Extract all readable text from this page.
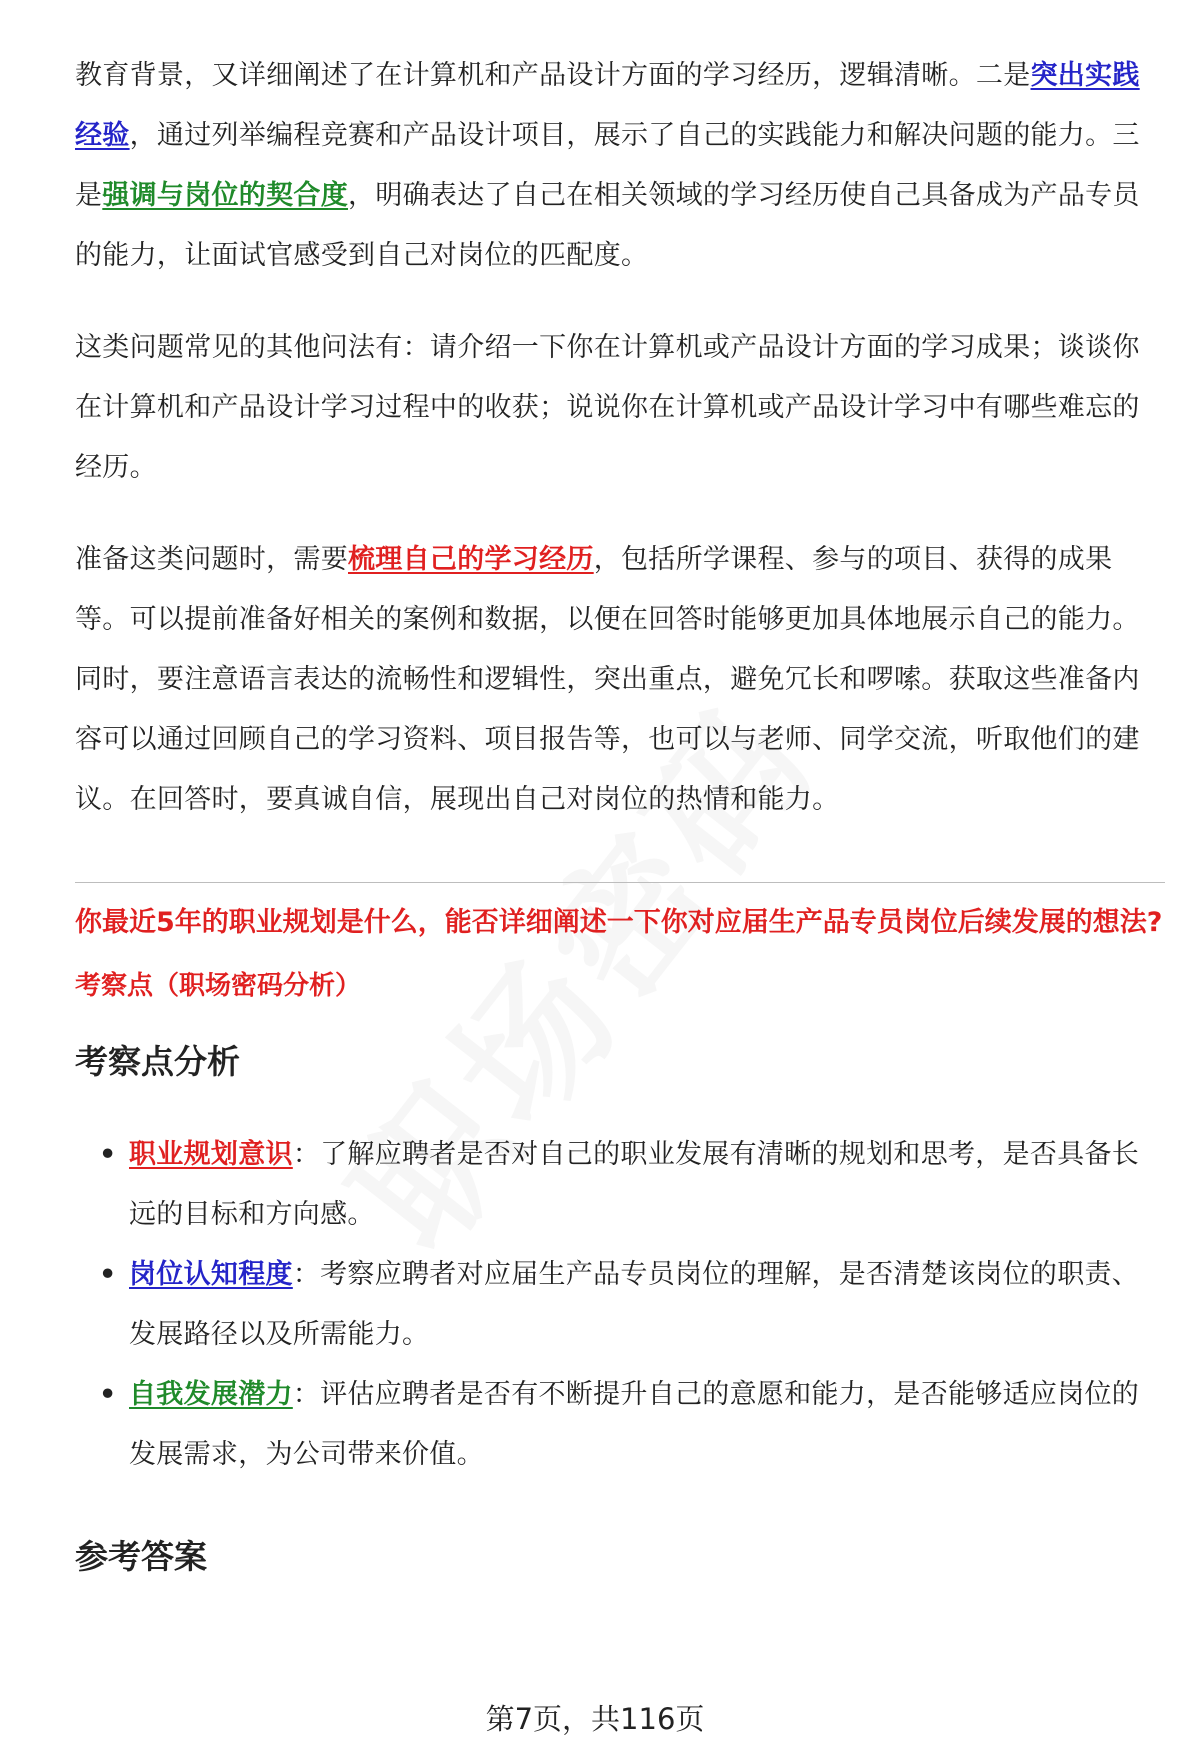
教育背景，又详细阐述了在计算机和产品设计方面的学习经历，逻辑清晰。二是突出实践经验，通过列举编程竞赛和产品设计项目，展示了自己的实践能力和解决问题的能力。三是强调与岗位的契合度，明确表达了自己在相关领域的学习经历使自己具备成为产品专员的能力，让面试官感受到自己对岗位的匹配度。

这类问题常见的其他问法有：请介绍一下你在计算机或产品设计方面的学习成果；谈谈你在计算机和产品设计学习过程中的收获；说说你在计算机或产品设计学习中有哪些难忘的经历。

准备这类问题时，需要梳理自己的学习经历，包括所学课程、参与的项目、获得的成果等。可以提前准备好相关的案例和数据，以便在回答时能够更加具体地展示自己的能力。同时，要注意语言表达的流畅性和逻辑性，突出重点，避免冗长和啰嗦。获取这些准备内容可以通过回顾自己的学习资料、项目报告等，也可以与老师、同学交流，听取他们的建议。在回答时，要真诚自信，展现出自己对岗位的热情和能力。

你最近5年的职业规划是什么，能否详细阐述一下你对应届生产品专员岗位后续发展的想法?

考察点（职场密码分析）

考察点分析
• 职业规划意识：了解应聘者是否对自己的职业发展有清晰的规划和思考，是否具备长远的目标和方向感。
• 岗位认知程度：考察应聘者对应届生产品专员岗位的理解，是否清楚该岗位的职责、发展路径以及所需能力。
• 自我发展潜力：评估应聘者是否有不断提升自己的意愿和能力，是否能够适应岗位的发展需求，为公司带来价值。
参考答案
第7页，共116页
